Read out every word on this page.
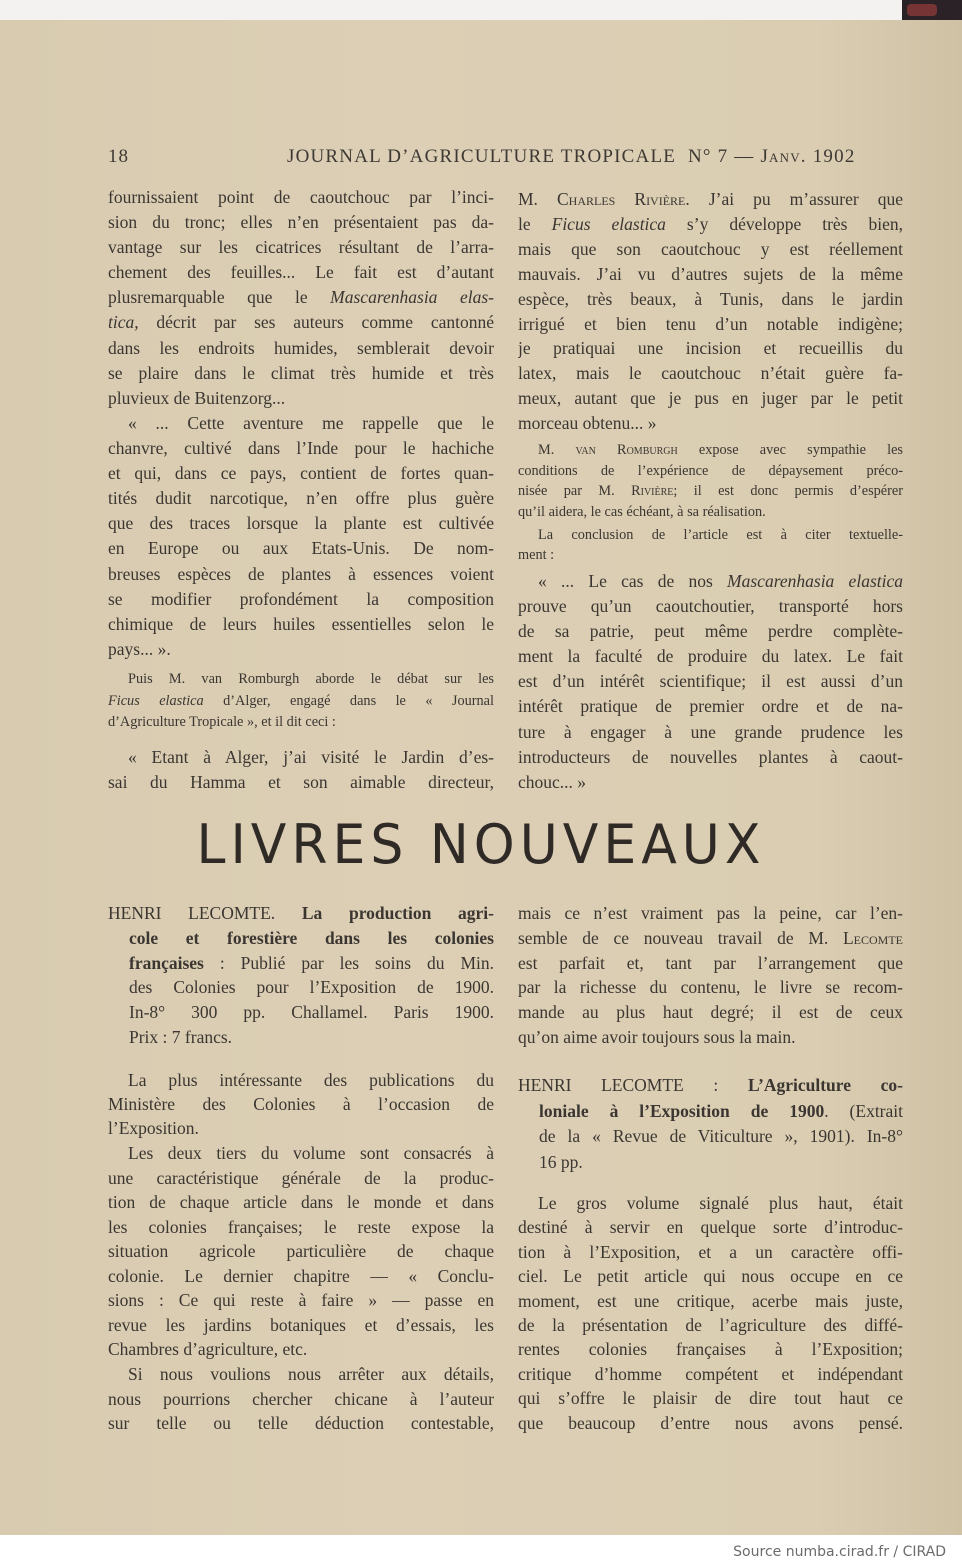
18	JOURNAL D’AGRICULTURE TROPICALE N° 7 — Janv. 1902
fournissaient point de caoutchouc par l’inci-
sion du tronc; elles n’en présentaient pas da-
vantage sur les cicatrices résultant de l’arra-
chement des feuilles... Le fait est d’autant
plusremarquable que le Mascarenhasia elas-
tica, décrit par ses auteurs comme cantonné
dans les endroits humides, semblerait devoir
se plaire dans le climat très humide et très
pluvieux de Buitenzorg...
« ... Cette aventure me rappelle que le
chanvre, cultivé dans l’Inde pour le hachiche
et qui, dans ce pays, contient de fortes quan-
tités dudit narcotique, n’en offre plus guère
que des traces lorsque la plante est cultivée
en Europe ou aux Etats-Unis. De nom-
breuses espèces de plantes à essences voient
se modifier profondément la composition
chimique de leurs huiles essentielles selon le
pays... ».
Puis M. van Romburgh aborde le débat sur les
Ficus elastica d’Alger, engagé dans le « Journal
d’Agriculture Tropicale », et il dit ceci :
« Etant à Alger, j’ai visité le Jardin d’es-
sai du Hamma et son aimable directeur,
M. Charles Rivière. J’ai pu m’assurer que
le Ficus elastica s’y développe très bien,
mais que son caoutchouc y est réellement
mauvais. J’ai vu d’autres sujets de la même
espèce, très beaux, à Tunis, dans le jardin
irrigué et bien tenu d’un notable indigène;
je pratiquai une incision et recueillis du
latex, mais le caoutchouc n’était guère fa-
meux, autant que je pus en juger par le petit
morceau obtenu... »
M. van Romburgh expose avec sympathie les
conditions de l’expérience de dépaysement préco-
nisée par M. Rivière; il est donc permis d’espérer
qu’il aidera, le cas échéant, à sa réalisation.
La conclusion de l’article est à citer textuelle-
ment :
« ... Le cas de nos Mascarenhasia elastica
prouve qu’un caoutchoutier, transporté hors
de sa patrie, peut même perdre complète-
ment la faculté de produire du latex. Le fait
est d’un intérêt scientifique; il est aussi d’un
intérêt pratique de premier ordre et de na-
ture à engager à une grande prudence les
introducteurs de nouvelles plantes à caout-
chouc... »
LIVRES NOUVEAUX
HENRI LECOMTE. La production agri-
cole et forestière dans les colonies
françaises : Publié par les soins du Min.
des Colonies pour l’Exposition de 1900.
In-8° 300 pp. Challamel. Paris 1900.
Prix : 7 francs.
La plus intéressante des publications du
Ministère des Colonies à l’occasion de
l’Exposition.
Les deux tiers du volume sont consacrés à
une caractéristique générale de la produc-
tion de chaque article dans le monde et dans
les colonies françaises; le reste expose la
situation agricole particulière de chaque
colonie. Le dernier chapitre — « Conclu-
sions : Ce qui reste à faire » — passe en
revue les jardins botaniques et d’essais, les
Chambres d’agriculture, etc.
Si nous voulions nous arrêter aux détails,
nous pourrions chercher chicane à l’auteur
sur telle ou telle déduction contestable,
mais ce n’est vraiment pas la peine, car l’en-
semble de ce nouveau travail de M. Lecomte
est parfait et, tant par l’arrangement que
par la richesse du contenu, le livre se recom-
mande au plus haut degré; il est de ceux
qu’on aime avoir toujours sous la main.
HENRI LECOMTE : L’Agriculture co-
loniale à l’Exposition de 1900. (Extrait
de la « Revue de Viticulture », 1901). In-8°
16 pp.
Le gros volume signalé plus haut, était
destiné à servir en quelque sorte d’introduc-
tion à l’Exposition, et a un caractère offi-
ciel. Le petit article qui nous occupe en ce
moment, est une critique, acerbe mais juste,
de la présentation de l’agriculture des diffé-
rentes colonies françaises à l’Exposition;
critique d’homme compétent et indépendant
qui s’offre le plaisir de dire tout haut ce
que beaucoup d’entre nous avons pensé.
Source numba.cirad.fr / CIRAD
